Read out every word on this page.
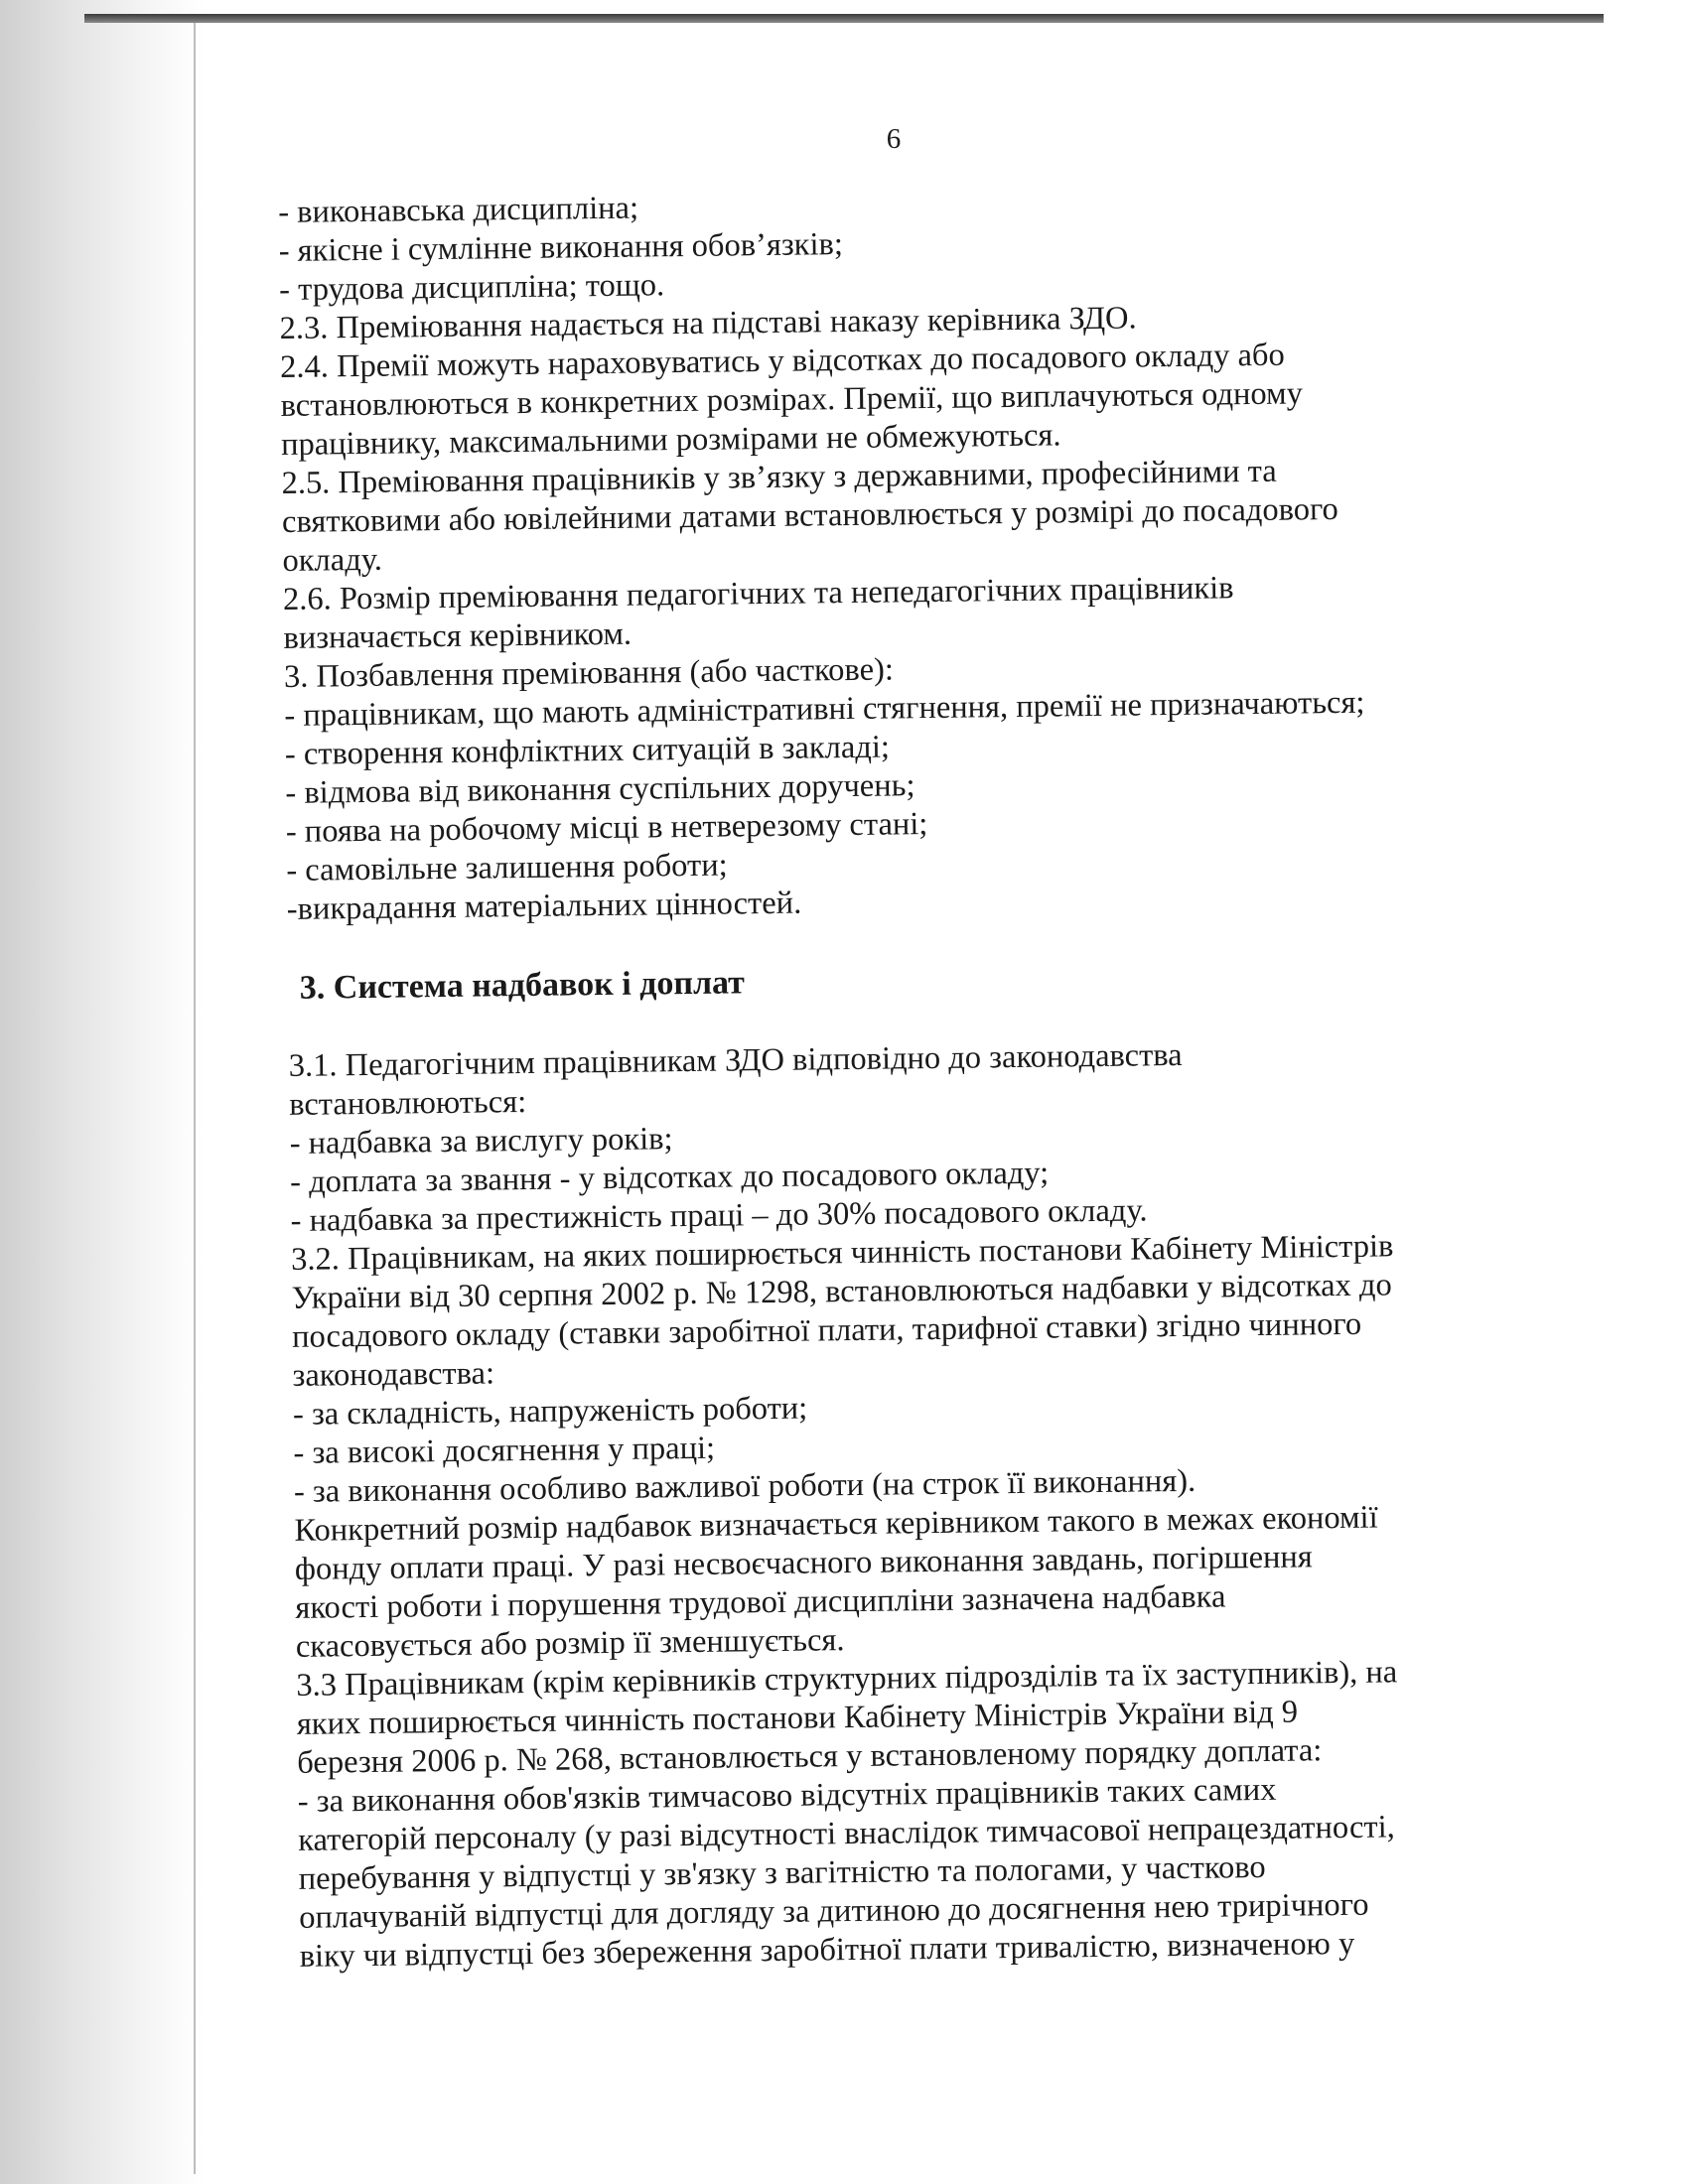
6
- виконавська дисципліна;
- якісне і сумлінне виконання обов’язків;
- трудова дисципліна; тощо.
2.3. Преміювання надається на підставі наказу керівника ЗДО.
2.4. Премії можуть нараховуватись у відсотках до посадового окладу або
встановлюються в конкретних розмірах. Премії, що виплачуються одному
працівнику, максимальними розмірами не обмежуються.
2.5. Преміювання працівників у зв’язку з державними, професійними та
святковими або ювілейними датами встановлюється у розмірі до посадового
окладу.
2.6. Розмір преміювання педагогічних та непедагогічних працівників
визначається керівником.
3. Позбавлення преміювання (або часткове):
- працівникам, що мають адміністративні стягнення, премії не призначаються;
- створення конфліктних ситуацій в закладі;
- відмова від виконання суспільних доручень;
- поява на робочому місці в нетверезому стані;
- самовільне залишення роботи;
-викрадання матеріальних цінностей.
3. Система надбавок і доплат
3.1. Педагогічним працівникам ЗДО відповідно до законодавства
встановлюються:
- надбавка за вислугу років;
- доплата за звання - у відсотках до посадового окладу;
- надбавка за престижність праці – до 30% посадового окладу.
3.2. Працівникам, на яких поширюється чинність постанови Кабінету Міністрів
України від 30 серпня 2002 р. № 1298, встановлюються надбавки у відсотках до
посадового окладу (ставки заробітної плати, тарифної ставки) згідно чинного
законодавства:
- за складність, напруженість роботи;
- за високі досягнення у праці;
- за виконання особливо важливої роботи (на строк її виконання).
Конкретний розмір надбавок визначається керівником такого в межах економії
фонду оплати праці. У разі несвоєчасного виконання завдань, погіршення
якості роботи і порушення трудової дисципліни зазначена надбавка
скасовується або розмір її зменшується.
3.3 Працівникам (крім керівників структурних підрозділів та їх заступників), на
яких поширюється чинність постанови Кабінету Міністрів України від 9
березня 2006 р. № 268, встановлюється у встановленому порядку доплата:
- за виконання обов'язків тимчасово відсутніх працівників таких самих
категорій персоналу (у разі відсутності внаслідок тимчасової непрацездатності,
перебування у відпустці у зв'язку з вагітністю та пологами, у частково
оплачуваній відпустці для догляду за дитиною до досягнення нею трирічного
віку чи відпустці без збереження заробітної плати тривалістю, визначеною у
